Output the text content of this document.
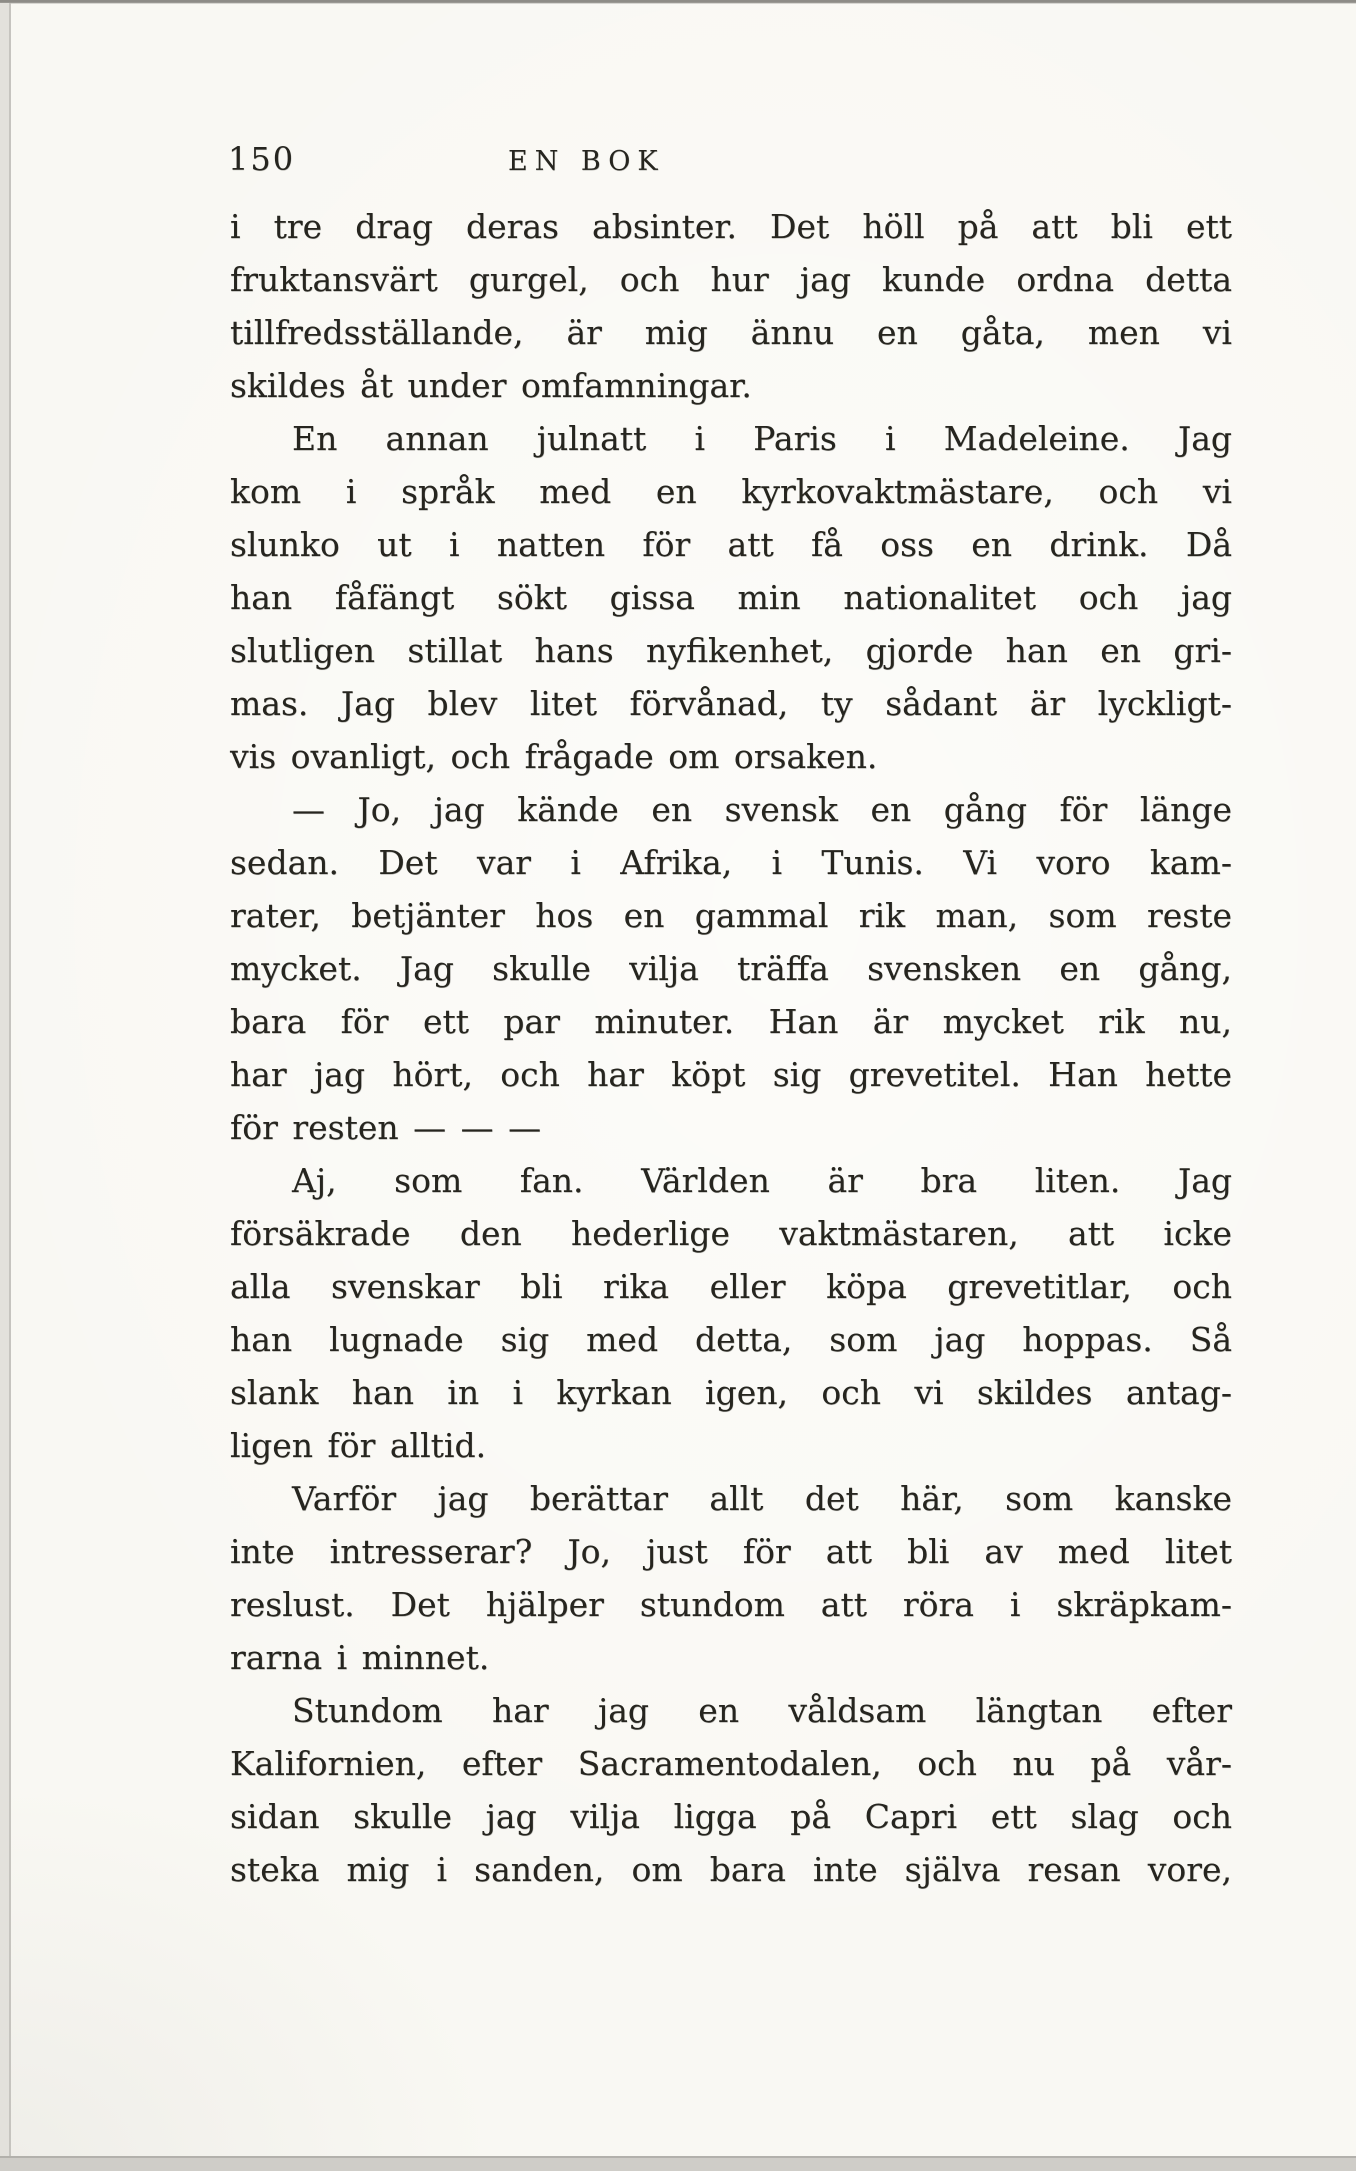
150	EN BOK
i tre drag deras absinter. Det höll på att bli ett
fruktansvärt gurgel, och hur jag kunde ordna detta
tillfredsställande, är mig ännu en gåta, men vi
skildes åt under omfamningar.
En annan julnatt i Paris i Madeleine. Jag
kom i språk med en kyrkovaktmästare, och vi
slunko ut i natten för att få oss en drink. Då
han fåfängt sökt gissa min nationalitet och jag
slutligen stillat hans nyfikenhet, gjorde han en gri-
mas. Jag blev litet förvånad, ty sådant är lyckligt-
vis ovanligt, och frågade om orsaken.
— Jo, jag kände en svensk en gång för länge
sedan. Det var i Afrika, i Tunis. Vi voro kam-
rater, betjänter hos en gammal rik man, som reste
mycket. Jag skulle vilja träffa svensken en gång,
bara för ett par minuter. Han är mycket rik nu,
har jag hört, och har köpt sig grevetitel. Han hette
för resten — — —
Aj, som fan. Världen är bra liten. Jag
försäkrade den hederlige vaktmästaren, att icke
alla svenskar bli rika eller köpa grevetitlar, och
han lugnade sig med detta, som jag hoppas. Så
slank han in i kyrkan igen, och vi skildes antag-
ligen för alltid.
Varför jag berättar allt det här, som kanske
inte intresserar? Jo, just för att bli av med litet
reslust. Det hjälper stundom att röra i skräpkam-
rarna i minnet.
Stundom har jag en våldsam längtan efter
Kalifornien, efter Sacramentodalen, och nu på vår-
sidan skulle jag vilja ligga på Capri ett slag och
steka mig i sanden, om bara inte själva resan vore,
